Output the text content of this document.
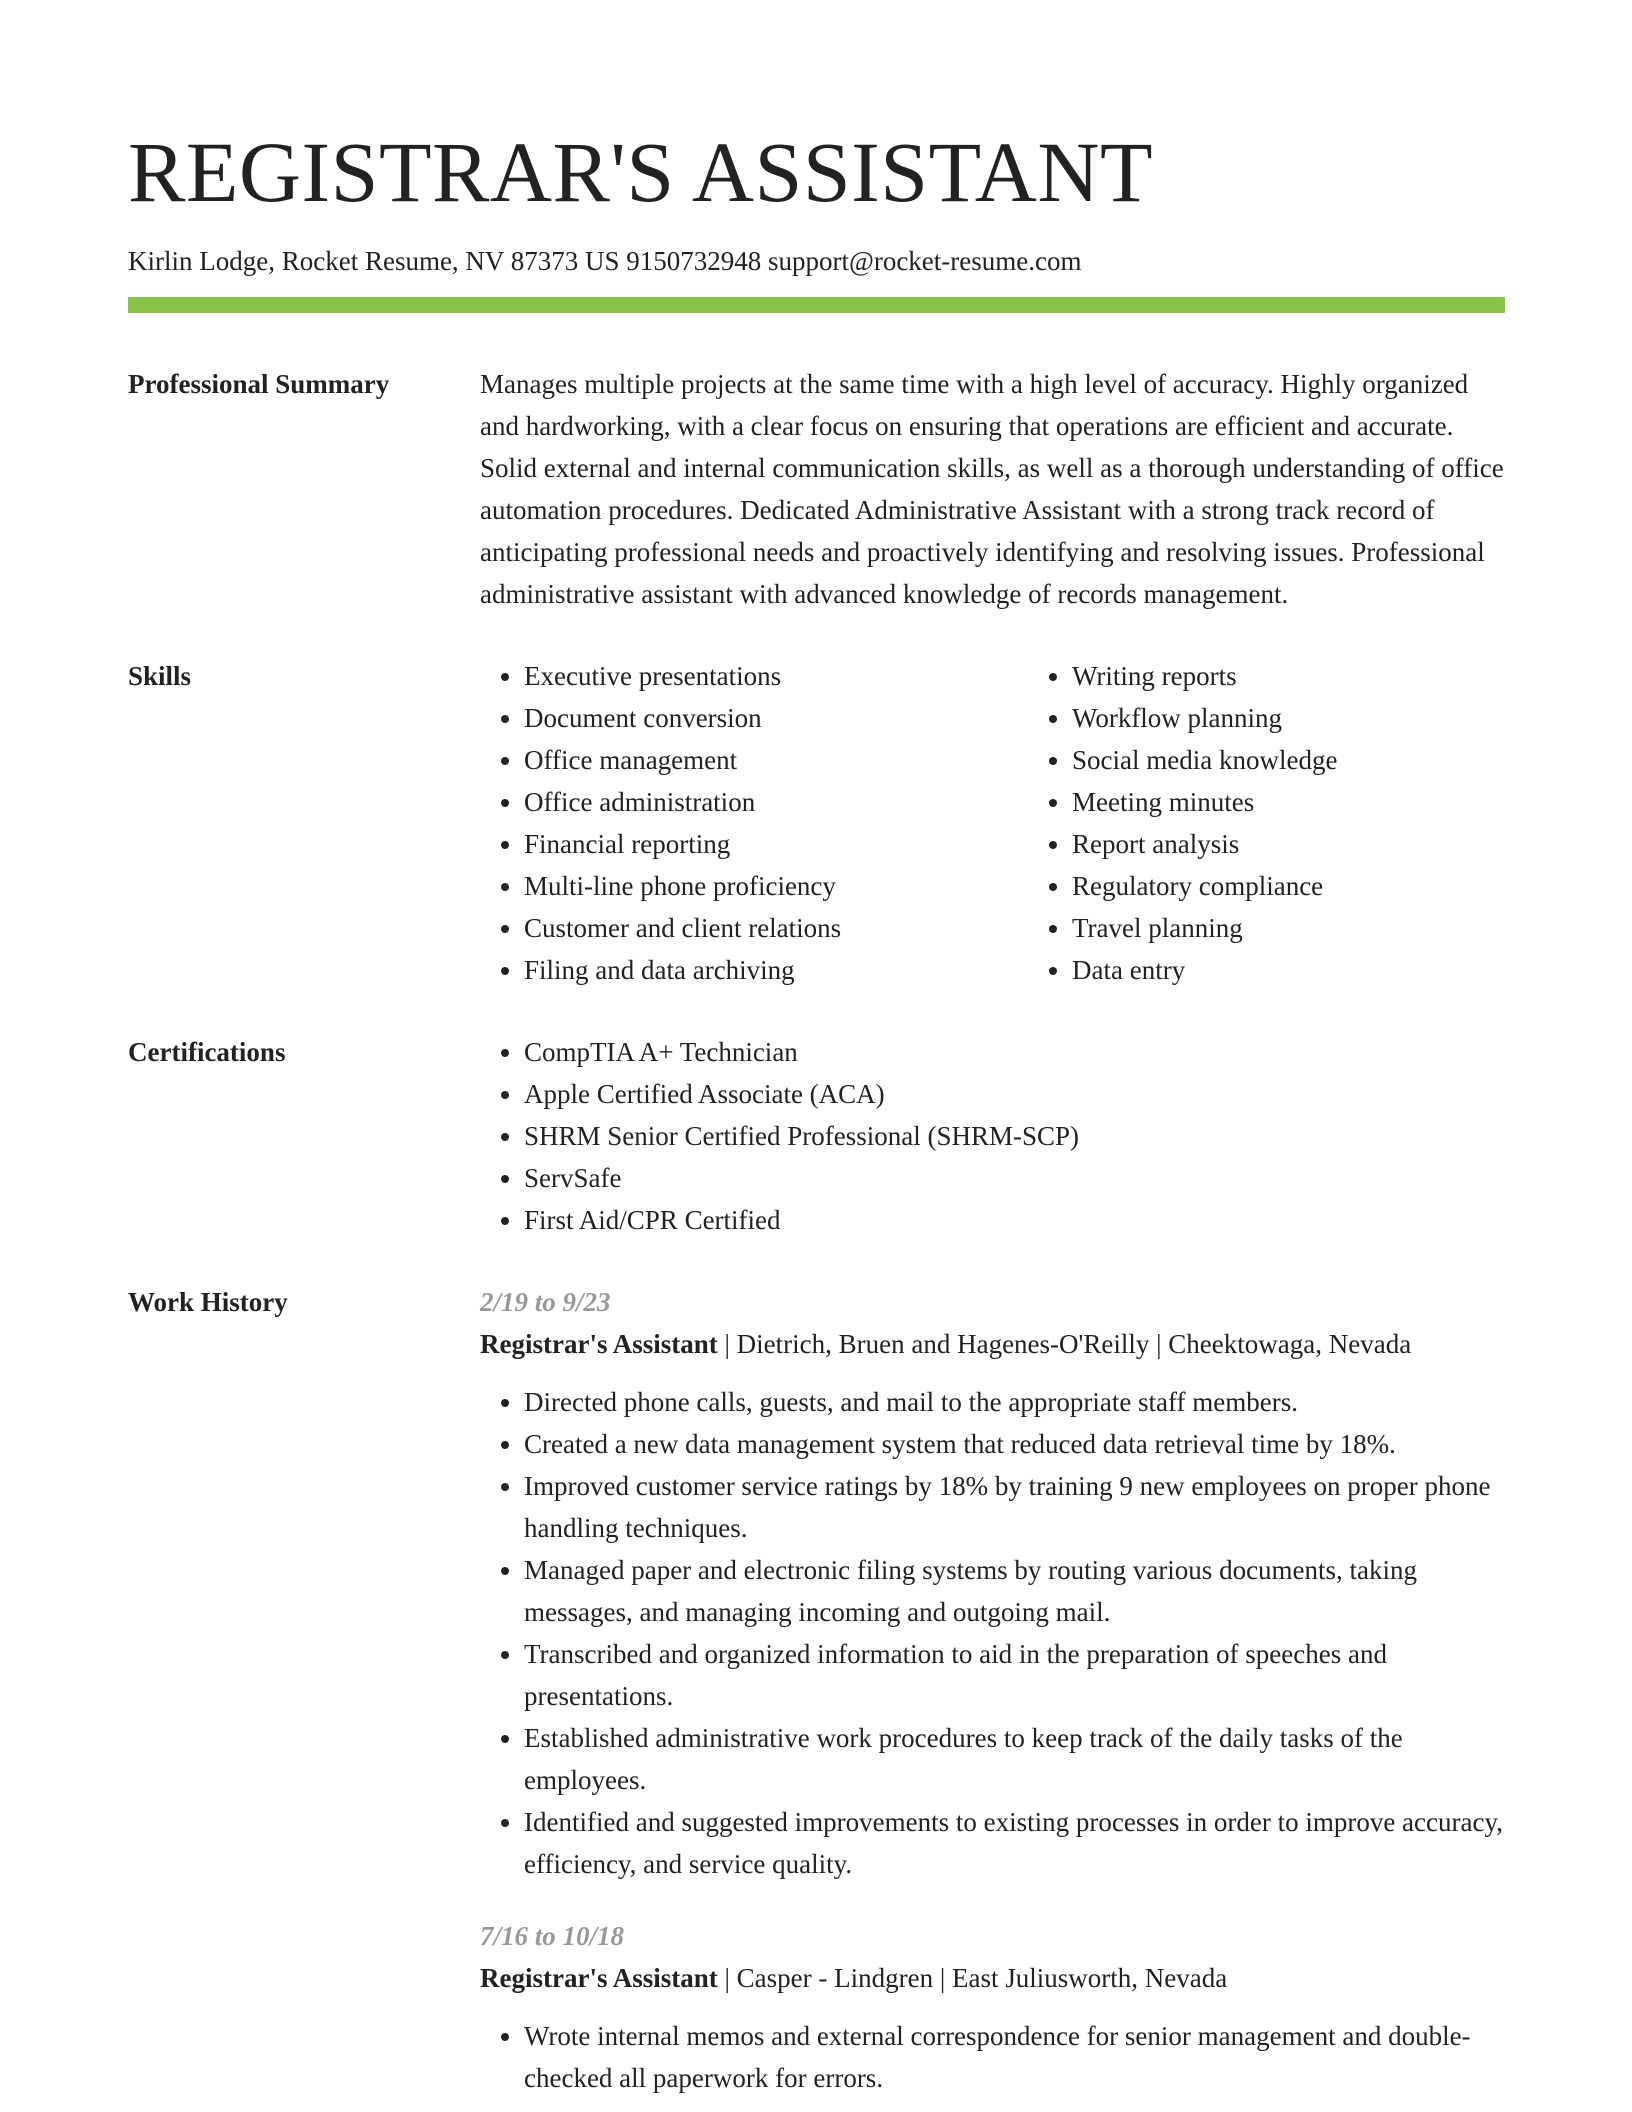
REGISTRAR'S ASSISTANT
Kirlin Lodge, Rocket Resume, NV 87373 US 9150732948 support@rocket-resume.com
Professional Summary	Manages multiple projects at the same time with a high level of accuracy. Highly organized and hardworking, with a clear focus on ensuring that operations are efficient and accurate. Solid external and internal communication skills, as well as a thorough understanding of office automation procedures. Dedicated Administrative Assistant with a strong track record of anticipating professional needs and proactively identifying and resolving issues. Professional administrative assistant with advanced knowledge of records management.

Skills	• Executive presentations
• Document conversion
• Office management
• Office administration
• Financial reporting
• Multi-line phone proficiency
• Customer and client relations
• Filing and data archiving
• Writing reports
• Workflow planning
• Social media knowledge
• Meeting minutes
• Report analysis
• Regulatory compliance
• Travel planning
• Data entry
Certifications	• CompTIA A+ Technician
• Apple Certified Associate (ACA)
• SHRM Senior Certified Professional (SHRM-SCP)
• ServSafe
• First Aid/CPR Certified
Work History	2/19 to 9/23
Registrar's Assistant | Dietrich, Bruen and Hagenes-O'Reilly | Cheektowaga, Nevada
• Directed phone calls, guests, and mail to the appropriate staff members.
• Created a new data management system that reduced data retrieval time by 18%.
• Improved customer service ratings by 18% by training 9 new employees on proper phone handling techniques.
• Managed paper and electronic filing systems by routing various documents, taking messages, and managing incoming and outgoing mail.
• Transcribed and organized information to aid in the preparation of speeches and presentations.
• Established administrative work procedures to keep track of the daily tasks of the employees.
• Identified and suggested improvements to existing processes in order to improve accuracy, efficiency, and service quality.
7/16 to 10/18
Registrar's Assistant | Casper - Lindgren | East Juliusworth, Nevada
• Wrote internal memos and external correspondence for senior management and double-checked all paperwork for errors.
